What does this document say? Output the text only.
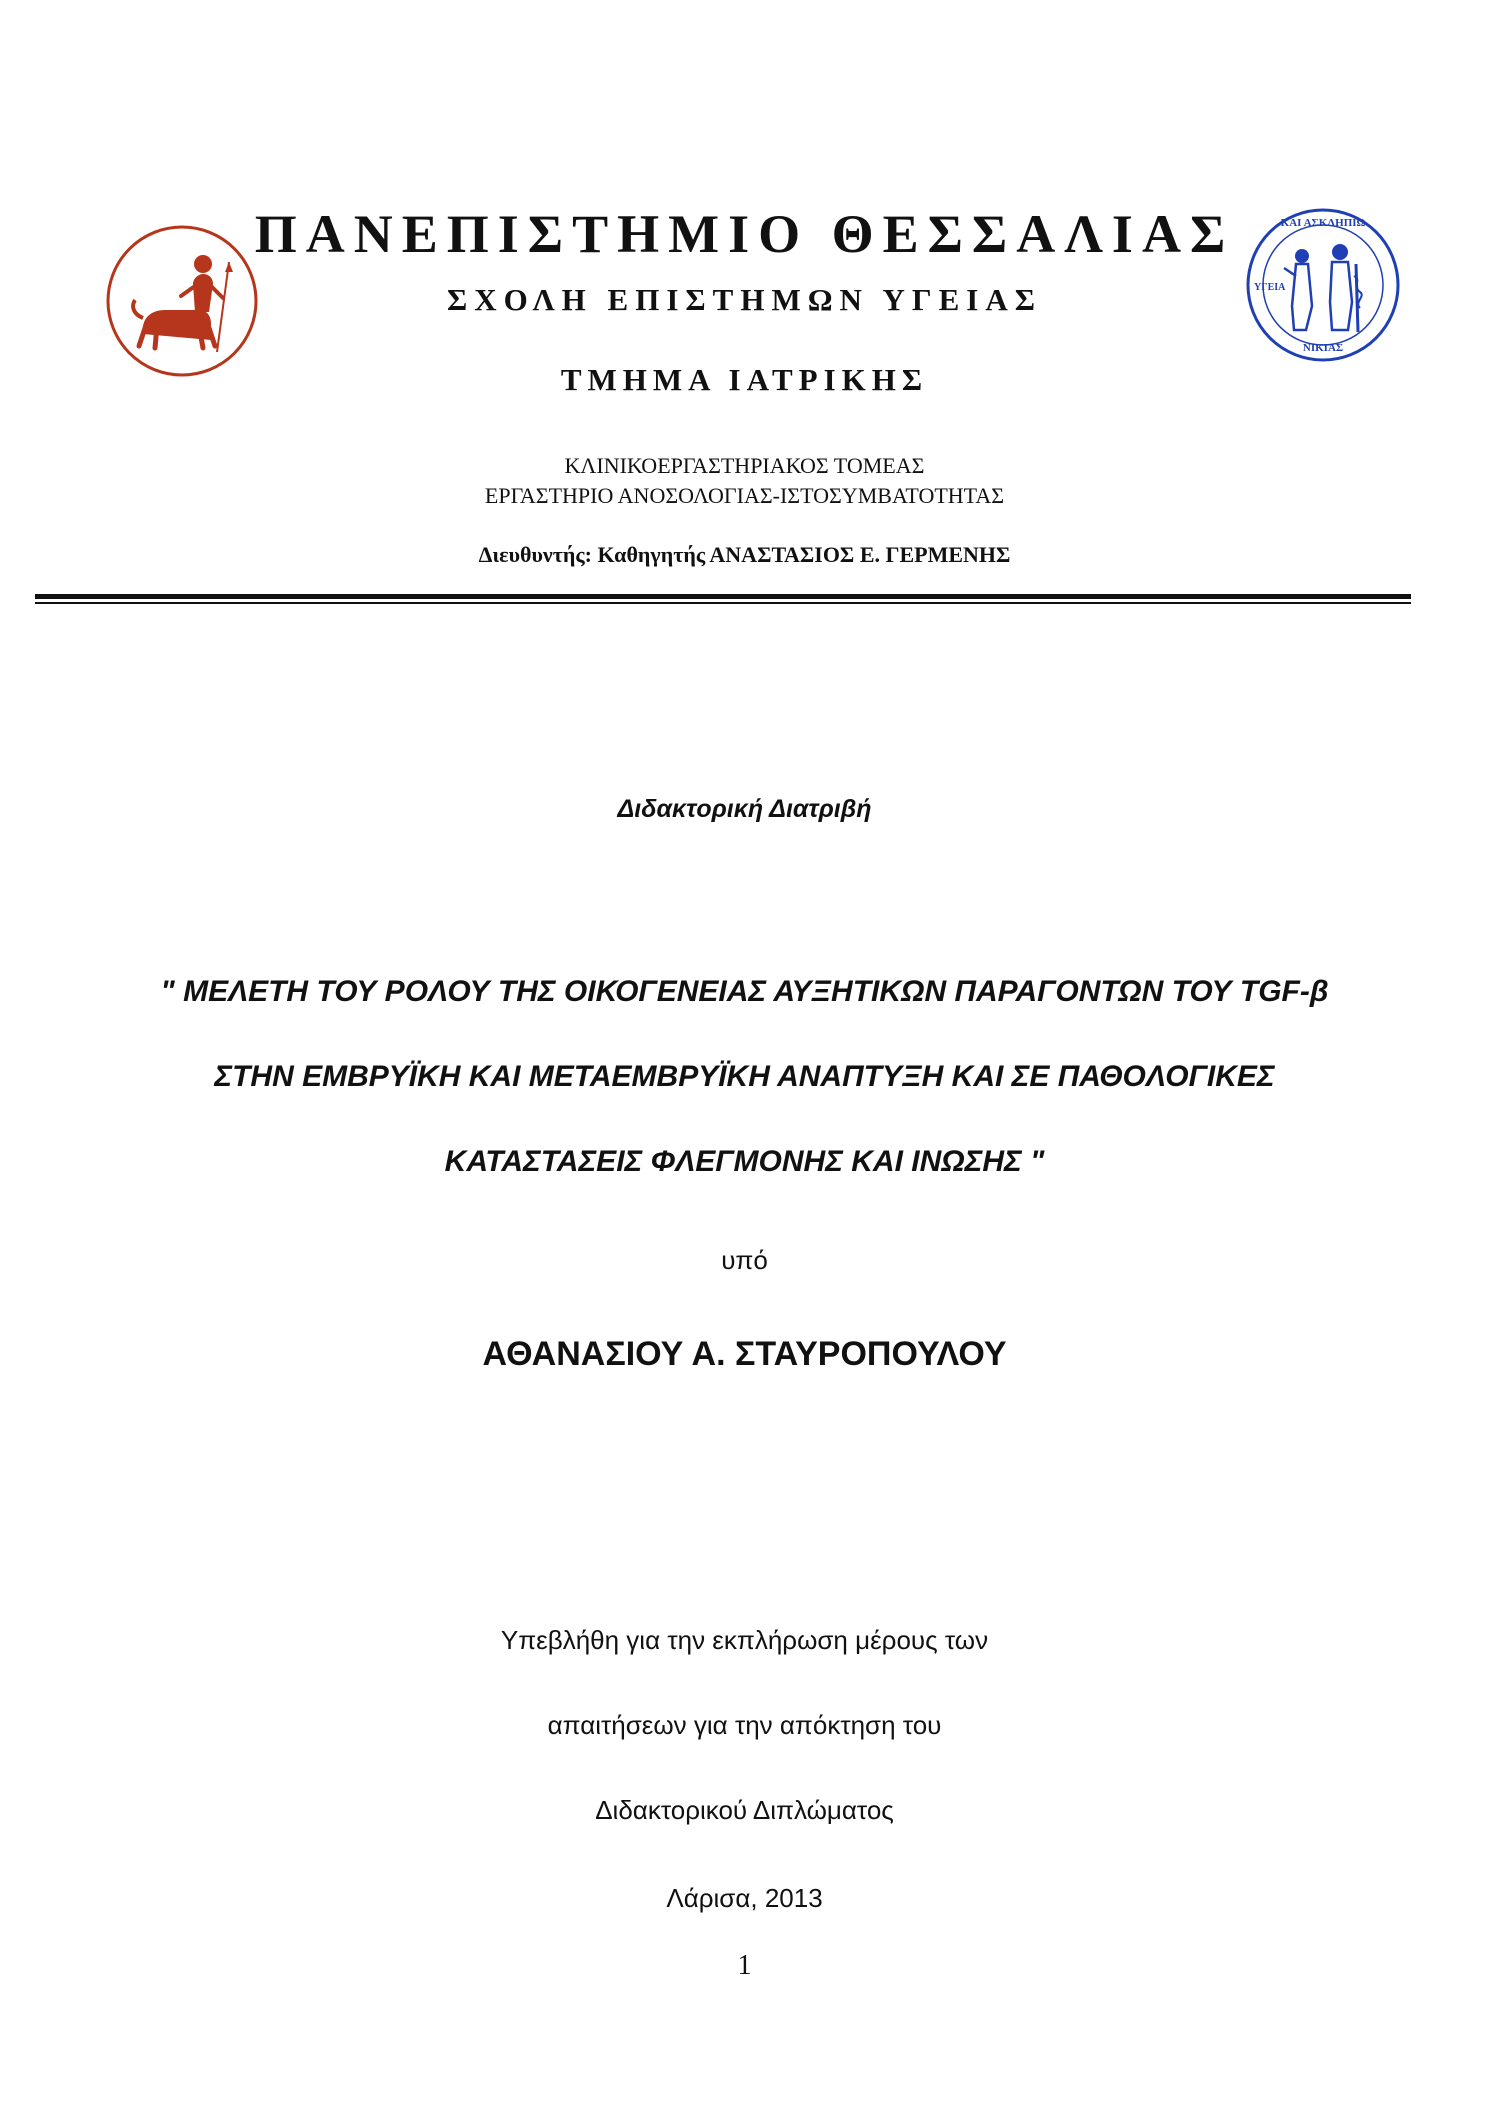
ΝΙΚΙΑΣ
ΚΑΙ ΑΣΚΛΗΠΙΩ
ΥΓΕΙΑ
ΠΑΝΕΠΙΣΤΗΜΙΟ ΘΕΣΣΑΛΙΑΣ
ΣΧΟΛΗ ΕΠΙΣΤΗΜΩΝ ΥΓΕΙΑΣ
ΤΜΗΜΑ ΙΑΤΡΙΚΗΣ
ΚΛΙΝΙΚΟΕΡΓΑΣΤΗΡΙΑΚΟΣ ΤΟΜΕΑΣ
ΕΡΓΑΣΤΗΡΙΟ ΑΝΟΣΟΛΟΓΙΑΣ-ΙΣΤΟΣΥΜΒΑΤΟΤΗΤΑΣ
Διευθυντής: Καθηγητής ΑΝΑΣΤΑΣΙΟΣ Ε. ΓΕΡΜΕΝΗΣ
Διδακτορική Διατριβή
" ΜΕΛΕΤΗ ΤΟΥ ΡΟΛΟΥ ΤΗΣ ΟΙΚΟΓΕΝΕΙΑΣ ΑΥΞΗΤΙΚΩΝ ΠΑΡΑΓΟΝΤΩΝ ΤΟΥ TGF-β
ΣΤΗΝ ΕΜΒΡΥΪΚΗ ΚΑΙ ΜΕΤΑΕΜΒΡΥΪΚΗ ΑΝΑΠΤΥΞΗ ΚΑΙ ΣΕ ΠΑΘΟΛΟΓΙΚΕΣ
ΚΑΤΑΣΤΑΣΕΙΣ ΦΛΕΓΜΟΝΗΣ ΚΑΙ ΙΝΩΣΗΣ "
υπό
ΑΘΑΝΑΣΙΟΥ Α. ΣΤΑΥΡΟΠΟΥΛΟΥ
Υπεβλήθη για την εκπλήρωση μέρους των
απαιτήσεων για την απόκτηση του
Διδακτορικού Διπλώματος
Λάρισα, 2013
1
